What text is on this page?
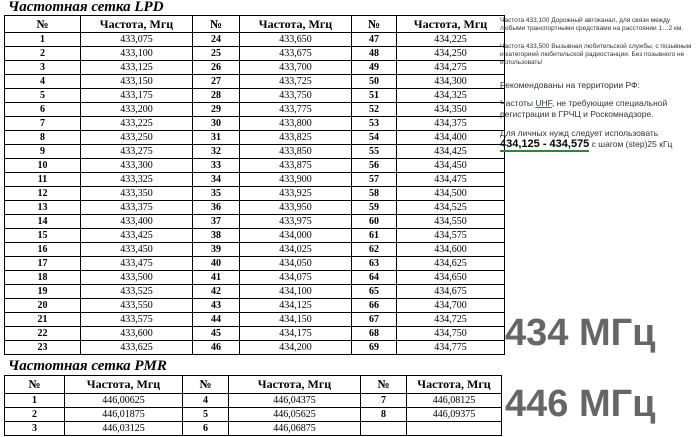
Частотная сетка LPD
№	Частота, Мгц	№	Частота, Мгц	№	Частота, Мгц
1	433,075	24	433,650	47	434,225
2	433,100	25	433,675	48	434,250
3	433,125	26	433,700	49	434,275
4	433,150	27	433,725	50	434,300
5	433,175	28	433,750	51	434,325
6	433,200	29	433,775	52	434,350
7	433,225	30	433,800	53	434,375
8	433,250	31	433,825	54	434,400
9	433,275	32	433,850	55	434,425
10	433,300	33	433,875	56	434,450
11	433,325	34	433,900	57	434,475
12	433,350	35	433,925	58	434,500
13	433,375	36	433,950	59	434,525
14	433,400	37	433,975	60	434,550
15	433,425	38	434,000	61	434,575
16	433,450	39	434,025	62	434,600
17	433,475	40	434,050	63	434,625
18	433,500	41	434,075	64	434,650
19	433,525	42	434,100	65	434,675
20	433,550	43	434,125	66	434,700
21	433,575	44	434,150	67	434,725
22	433,600	45	434,175	68	434,750
23	433,625	46	434,200	69	434,775
Частотная сетка PMR
№	Частота, Мгц	№	Частота, Мгц	№	Частота, Мгц
1	446,00625	4	446,04375	7	446,08125
2	446,01875	5	446,05625	8	446,09375
3	446,03125	6	446,06875		
Частота 433,100 Дорожный автоканал, для связи между любыми транспортными средствами на расстоянии 1…2 км.
Частота 433,500 Вызывная любительской службы, с позывным и категорией любительской радиостанции. Без позывного не использовать!
Рекомендованы на территории РФ:
Частоты UHF, не требующие специальной регистрации в ГРЧЦ и Роскомнадзоре.
Для личных нужд следует использовать
434,125 - 434,575 с шагом (step)25 кГц
434 МГц
446 МГц
